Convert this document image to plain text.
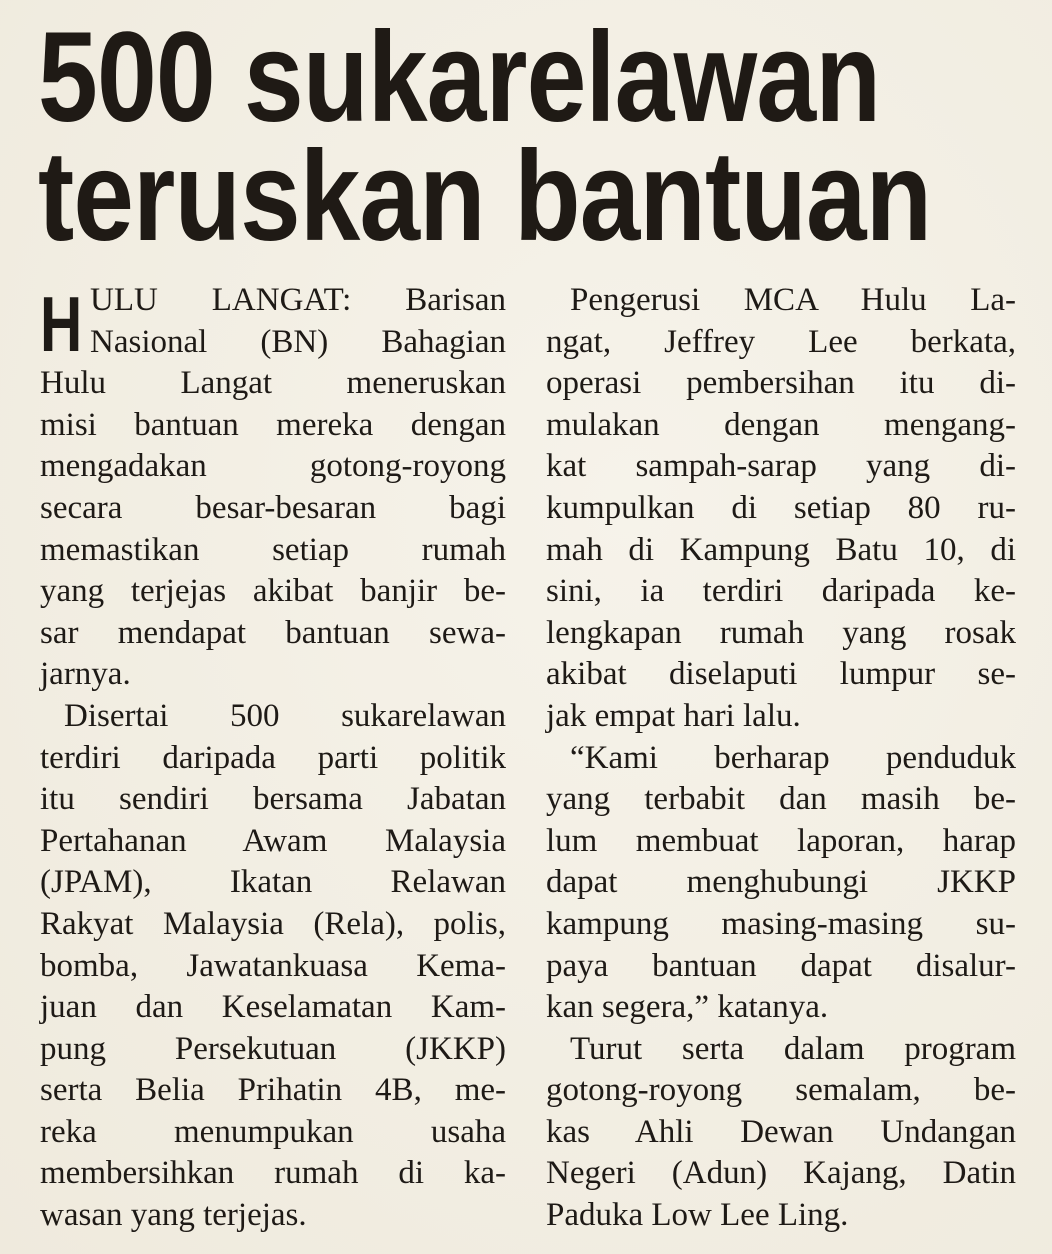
500 sukarelawan
teruskan bantuan
H ULU LANGAT: Barisan
Nasional (BN) Bahagian
Hulu Langat meneruskan
misi bantuan mereka dengan
mengadakan gotong-royong
secara besar-besaran bagi
memastikan setiap rumah
yang terjejas akibat banjir be-
sar mendapat bantuan sewa-
jarnya.
Disertai 500 sukarelawan
terdiri daripada parti politik
itu sendiri bersama Jabatan
Pertahanan Awam Malaysia
(JPAM), Ikatan Relawan
Rakyat Malaysia (Rela), polis,
bomba, Jawatankuasa Kema-
juan dan Keselamatan Kam-
pung Persekutuan (JKKP)
serta Belia Prihatin 4B, me-
reka menumpukan usaha
membersihkan rumah di ka-
wasan yang terjejas.
Pengerusi MCA Hulu La-
ngat, Jeffrey Lee berkata,
operasi pembersihan itu di-
mulakan dengan mengang-
kat sampah-sarap yang di-
kumpulkan di setiap 80 ru-
mah di Kampung Batu 10, di
sini, ia terdiri daripada ke-
lengkapan rumah yang rosak
akibat diselaputi lumpur se-
jak empat hari lalu.
“Kami berharap penduduk
yang terbabit dan masih be-
lum membuat laporan, harap
dapat menghubungi JKKP
kampung masing-masing su-
paya bantuan dapat disalur-
kan segera,” katanya.
Turut serta dalam program
gotong-royong semalam, be-
kas Ahli Dewan Undangan
Negeri (Adun) Kajang, Datin
Paduka Low Lee Ling.
